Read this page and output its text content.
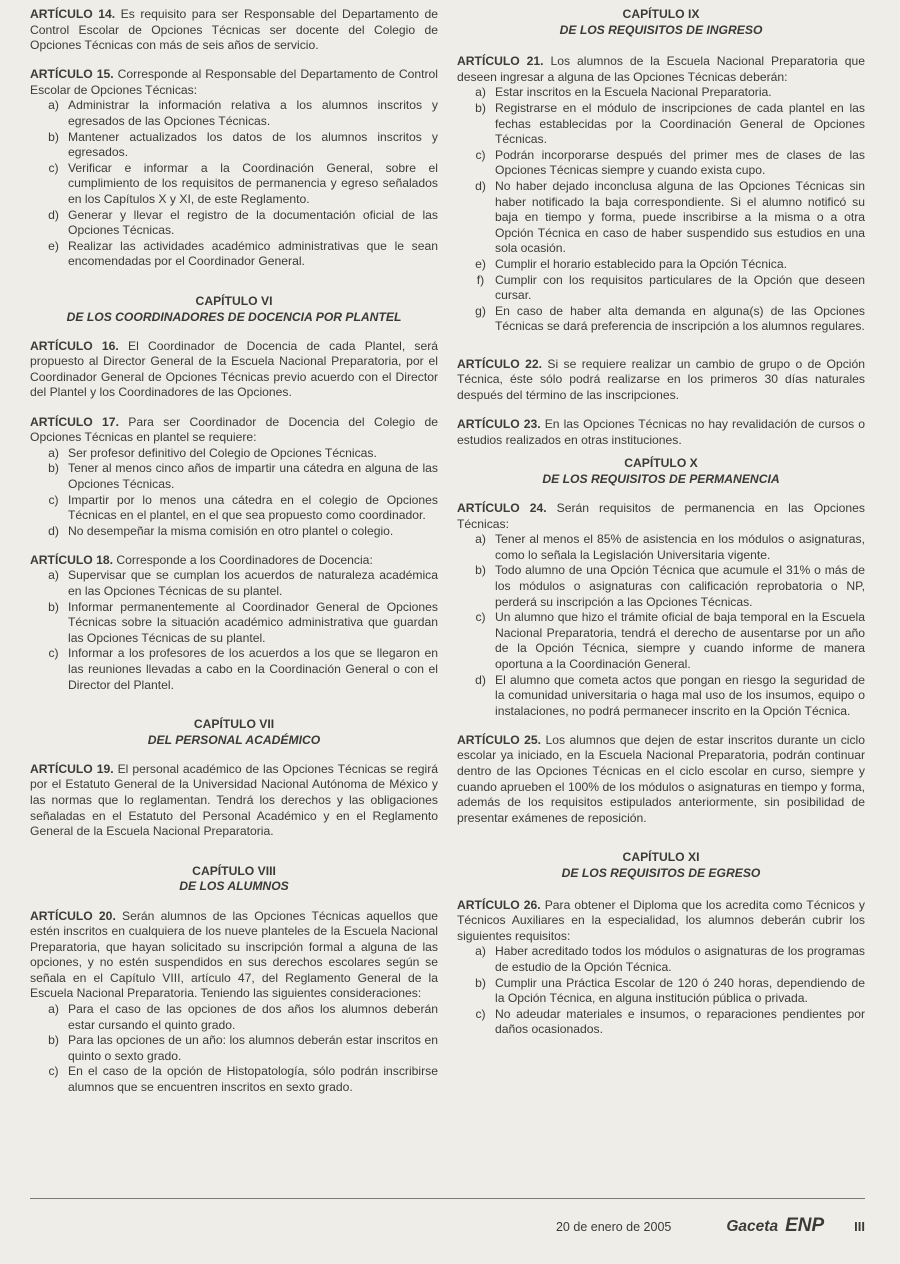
ARTÍCULO 14. Es requisito para ser Responsable del Departamento de Control Escolar de Opciones Técnicas ser docente del Colegio de Opciones Técnicas con más de seis años de servicio.

ARTÍCULO 15. Corresponde al Responsable del Departamento de Control Escolar de Opciones Técnicas:

a) Administrar la información relativa a los alumnos inscritos y egresados de las Opciones Técnicas.
b) Mantener actualizados los datos de los alumnos inscritos y egresados.
c) Verificar e informar a la Coordinación General, sobre el cumplimiento de los requisitos de permanencia y egreso señalados en los Capítulos X y XI, de este Reglamento.
d) Generar y llevar el registro de la documentación oficial de las Opciones Técnicas.
e) Realizar las actividades académico administrativas que le sean encomendadas por el Coordinador General.
CAPÍTULO VI
DE LOS COORDINADORES DE DOCENCIA POR PLANTEL

ARTÍCULO 16. El Coordinador de Docencia de cada Plantel, será propuesto al Director General de la Escuela Nacional Preparatoria, por el Coordinador General de Opciones Técnicas previo acuerdo con el Director del Plantel y los Coordinadores de las Opciones.

ARTÍCULO 17. Para ser Coordinador de Docencia del Colegio de Opciones Técnicas en plantel se requiere:

a) Ser profesor definitivo del Colegio de Opciones Técnicas.
b) Tener al menos cinco años de impartir una cátedra en alguna de las Opciones Técnicas.
c) Impartir por lo menos una cátedra en el colegio de Opciones Técnicas en el plantel, en el que sea propuesto como coordinador.
d) No desempeñar la misma comisión en otro plantel o colegio.

ARTÍCULO 18. Corresponde a los Coordinadores de Docencia:

a) Supervisar que se cumplan los acuerdos de naturaleza académica en las Opciones Técnicas de su plantel.
b) Informar permanentemente al Coordinador General de Opciones Técnicas sobre la situación académico administrativa que guardan las Opciones Técnicas de su plantel.
c) Informar a los profesores de los acuerdos a los que se llegaron en las reuniones llevadas a cabo en la Coordinación General o con el Director del Plantel.
CAPÍTULO VII
DEL PERSONAL ACADÉMICO

ARTÍCULO 19. El personal académico de las Opciones Técnicas se regirá por el Estatuto General de la Universidad Nacional Autónoma de México y las normas que lo reglamentan. Tendrá los derechos y las obligaciones señaladas en el Estatuto del Personal Académico y en el Reglamento General de la Escuela Nacional Preparatoria.

CAPÍTULO VIII
DE LOS ALUMNOS

ARTÍCULO 20. Serán alumnos de las Opciones Técnicas aquellos que estén inscritos en cualquiera de los nueve planteles de la Escuela Nacional Preparatoria, que hayan solicitado su inscripción formal a alguna de las opciones, y no estén suspendidos en sus derechos escolares según se señala en el Capítulo VIII, artículo 47, del Reglamento General de la Escuela Nacional Preparatoria. Teniendo las siguientes consideraciones:

a) Para el caso de las opciones de dos años los alumnos deberán estar cursando el quinto grado.
b) Para las opciones de un año: los alumnos deberán estar inscritos en quinto o sexto grado.
c) En el caso de la opción de Histopatología, sólo podrán inscribirse alumnos que se encuentren inscritos en sexto grado.
CAPÍTULO IX
DE LOS REQUISITOS DE INGRESO

ARTÍCULO 21. Los alumnos de la Escuela Nacional Preparatoria que deseen ingresar a alguna de las Opciones Técnicas deberán:

a) Estar inscritos en la Escuela Nacional Preparatoria.
b) Registrarse en el módulo de inscripciones de cada plantel en las fechas establecidas por la Coordinación General de Opciones Técnicas.
c) Podrán incorporarse después del primer mes de clases de las Opciones Técnicas siempre y cuando exista cupo.
d) No haber dejado inconclusa alguna de las Opciones Técnicas sin haber notificado la baja correspondiente. Si el alumno notificó su baja en tiempo y forma, puede inscribirse a la misma o a otra Opción Técnica en caso de haber suspendido sus estudios en una sola ocasión.
e) Cumplir el horario establecido para la Opción Técnica.
f) Cumplir con los requisitos particulares de la Opción que deseen cursar.
g) En caso de haber alta demanda en alguna(s) de las Opciones Técnicas se dará preferencia de inscripción a los alumnos regulares.

ARTÍCULO 22. Si se requiere realizar un cambio de grupo o de Opción Técnica, éste sólo podrá realizarse en los primeros 30 días naturales después del término de las inscripciones.

ARTÍCULO 23. En las Opciones Técnicas no hay revalidación de cursos o estudios realizados en otras instituciones.

CAPÍTULO X
DE LOS REQUISITOS DE PERMANENCIA

ARTÍCULO 24. Serán requisitos de permanencia en las Opciones Técnicas:

a) Tener al menos el 85% de asistencia en los módulos o asignaturas, como lo señala la Legislación Universitaria vigente.
b) Todo alumno de una Opción Técnica que acumule el 31% o más de los módulos o asignaturas con calificación reprobatoria o NP, perderá su inscripción a las Opciones Técnicas.
c) Un alumno que hizo el trámite oficial de baja temporal en la Escuela Nacional Preparatoria, tendrá el derecho de ausentarse por un año de la Opción Técnica, siempre y cuando informe de manera oportuna a la Coordinación General.
d) El alumno que cometa actos que pongan en riesgo la seguridad de la comunidad universitaria o haga mal uso de los insumos, equipo o instalaciones, no podrá permanecer inscrito en la Opción Técnica.

ARTÍCULO 25. Los alumnos que dejen de estar inscritos durante un ciclo escolar ya iniciado, en la Escuela Nacional Preparatoria, podrán continuar dentro de las Opciones Técnicas en el ciclo escolar en curso, siempre y cuando aprueben el 100% de los módulos o asignaturas en tiempo y forma, además de los requisitos estipulados anteriormente, sin posibilidad de presentar exámenes de reposición.

CAPÍTULO XI
DE LOS REQUISITOS DE EGRESO

ARTÍCULO 26. Para obtener el Diploma que los acredita como Técnicos y Técnicos Auxiliares en la especialidad, los alumnos deberán cubrir los siguientes requisitos:

a) Haber acreditado todos los módulos o asignaturas de los programas de estudio de la Opción Técnica.
b) Cumplir una Práctica Escolar de 120 ó 240 horas, dependiendo de la Opción Técnica, en alguna institución pública o privada.
c) No adeudar materiales e insumos, o reparaciones pendientes por daños ocasionados.
20 de enero de 2005	Gaceta ENP III
